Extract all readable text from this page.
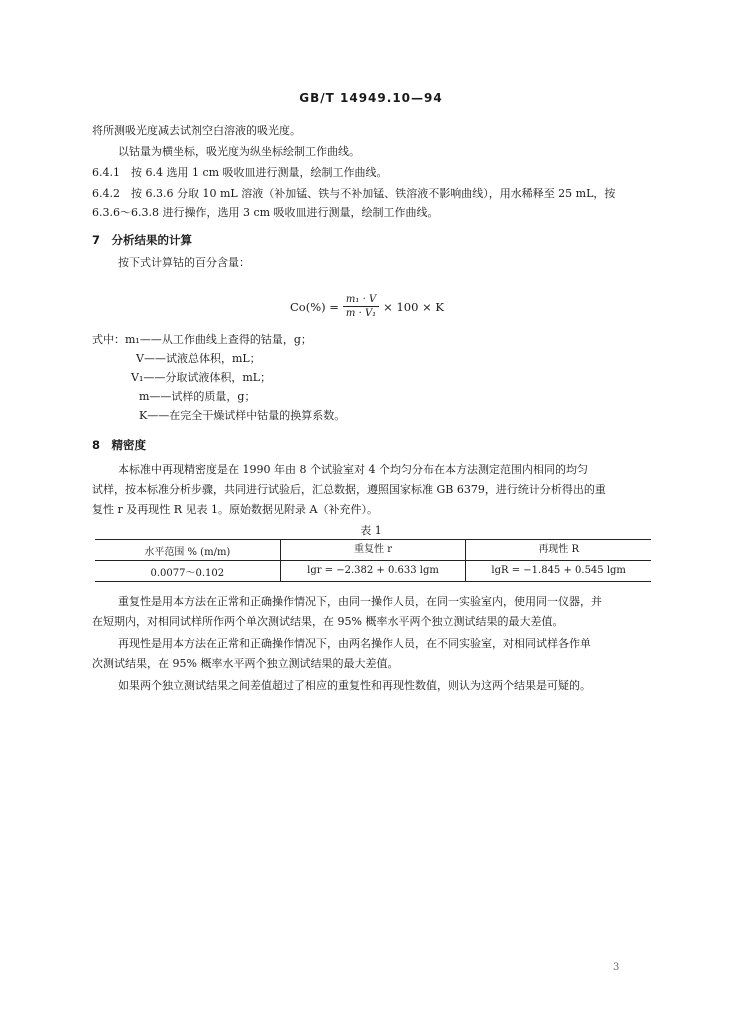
GB/T 14949.10—94
将所测吸光度减去试剂空白溶液的吸光度。
以钴量为横坐标，吸光度为纵坐标绘制工作曲线。
6.4.1　按 6.4 选用 1 cm 吸收皿进行测量，绘制工作曲线。
6.4.2　按 6.3.6 分取 10 mL 溶液（补加锰、铁与不补加锰、铁溶液不影响曲线），用水稀释至 25 mL，按
6.3.6～6.3.8 进行操作，选用 3 cm 吸收皿进行测量，绘制工作曲线。
7　分析结果的计算
按下式计算钴的百分含量：
$Co(\%) = \frac{\text{m₁ · V}}{\text{m · V₁}} \times 100 \times K$
式中：m₁——从工作曲线上查得的钴量，g；
V——试液总体积，mL；
V₁——分取试液体积，mL；
m——试样的质量，g；
K——在完全干燥试样中钴量的换算系数。
8　精密度
本标准中再现精密度是在 1990 年由 8 个试验室对 4 个均匀分布在本方法测定范围内相同的均匀
试样，按本标准分析步骤，共同进行试验后，汇总数据，遵照国家标准 GB 6379，进行统计分析得出的重
复性 r 及再现性 R 见表 1。原始数据见附录 A（补充件）。
表 1
水平范围 % (m/m)	重复性 r	再现性 R
0.0077～0.102	lgr = −2.382 + 0.633 lgm	lgR = −1.845 + 0.545 lgm
重复性是用本方法在正常和正确操作情况下，由同一操作人员，在同一实验室内，使用同一仪器，并
在短期内，对相同试样所作两个单次测试结果，在 95% 概率水平两个独立测试结果的最大差值。
再现性是用本方法在正常和正确操作情况下，由两名操作人员，在不同实验室，对相同试样各作单
次测试结果，在 95% 概率水平两个独立测试结果的最大差值。
如果两个独立测试结果之间差值超过了相应的重复性和再现性数值，则认为这两个结果是可疑的。
3
